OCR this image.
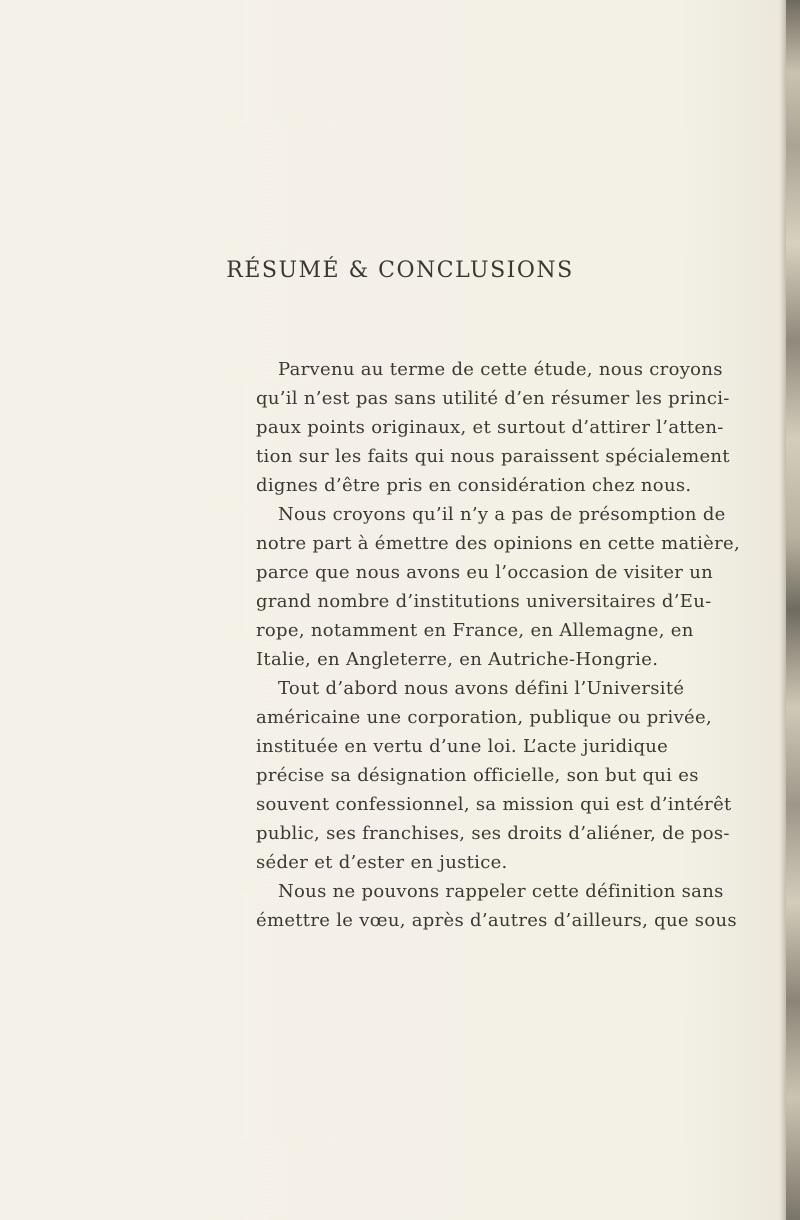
RÉSUMÉ & CONCLUSIONS
Parvenu au terme de cette étude, nous croyons
qu’il n’est pas sans utilité d’en résumer les princi-
paux points originaux, et surtout d’attirer l’atten-
tion sur les faits qui nous paraissent spécialement
dignes d’être pris en considération chez nous.
Nous croyons qu’il n’y a pas de présomption de
notre part à émettre des opinions en cette matière,
parce que nous avons eu l’occasion de visiter un
grand nombre d’institutions universitaires d’Eu-
rope, notamment en France, en Allemagne, en
Italie, en Angleterre, en Autriche-Hongrie.
Tout d’abord nous avons défini l’Université
américaine une corporation, publique ou privée,
instituée en vertu d’une loi. L’acte juridique
précise sa désignation officielle, son but qui es
souvent confessionnel, sa mission qui est d’intérêt
public, ses franchises, ses droits d’aliéner, de pos-
séder et d’ester en justice.
Nous ne pouvons rappeler cette définition sans
émettre le vœu, après d’autres d’ailleurs, que sous
